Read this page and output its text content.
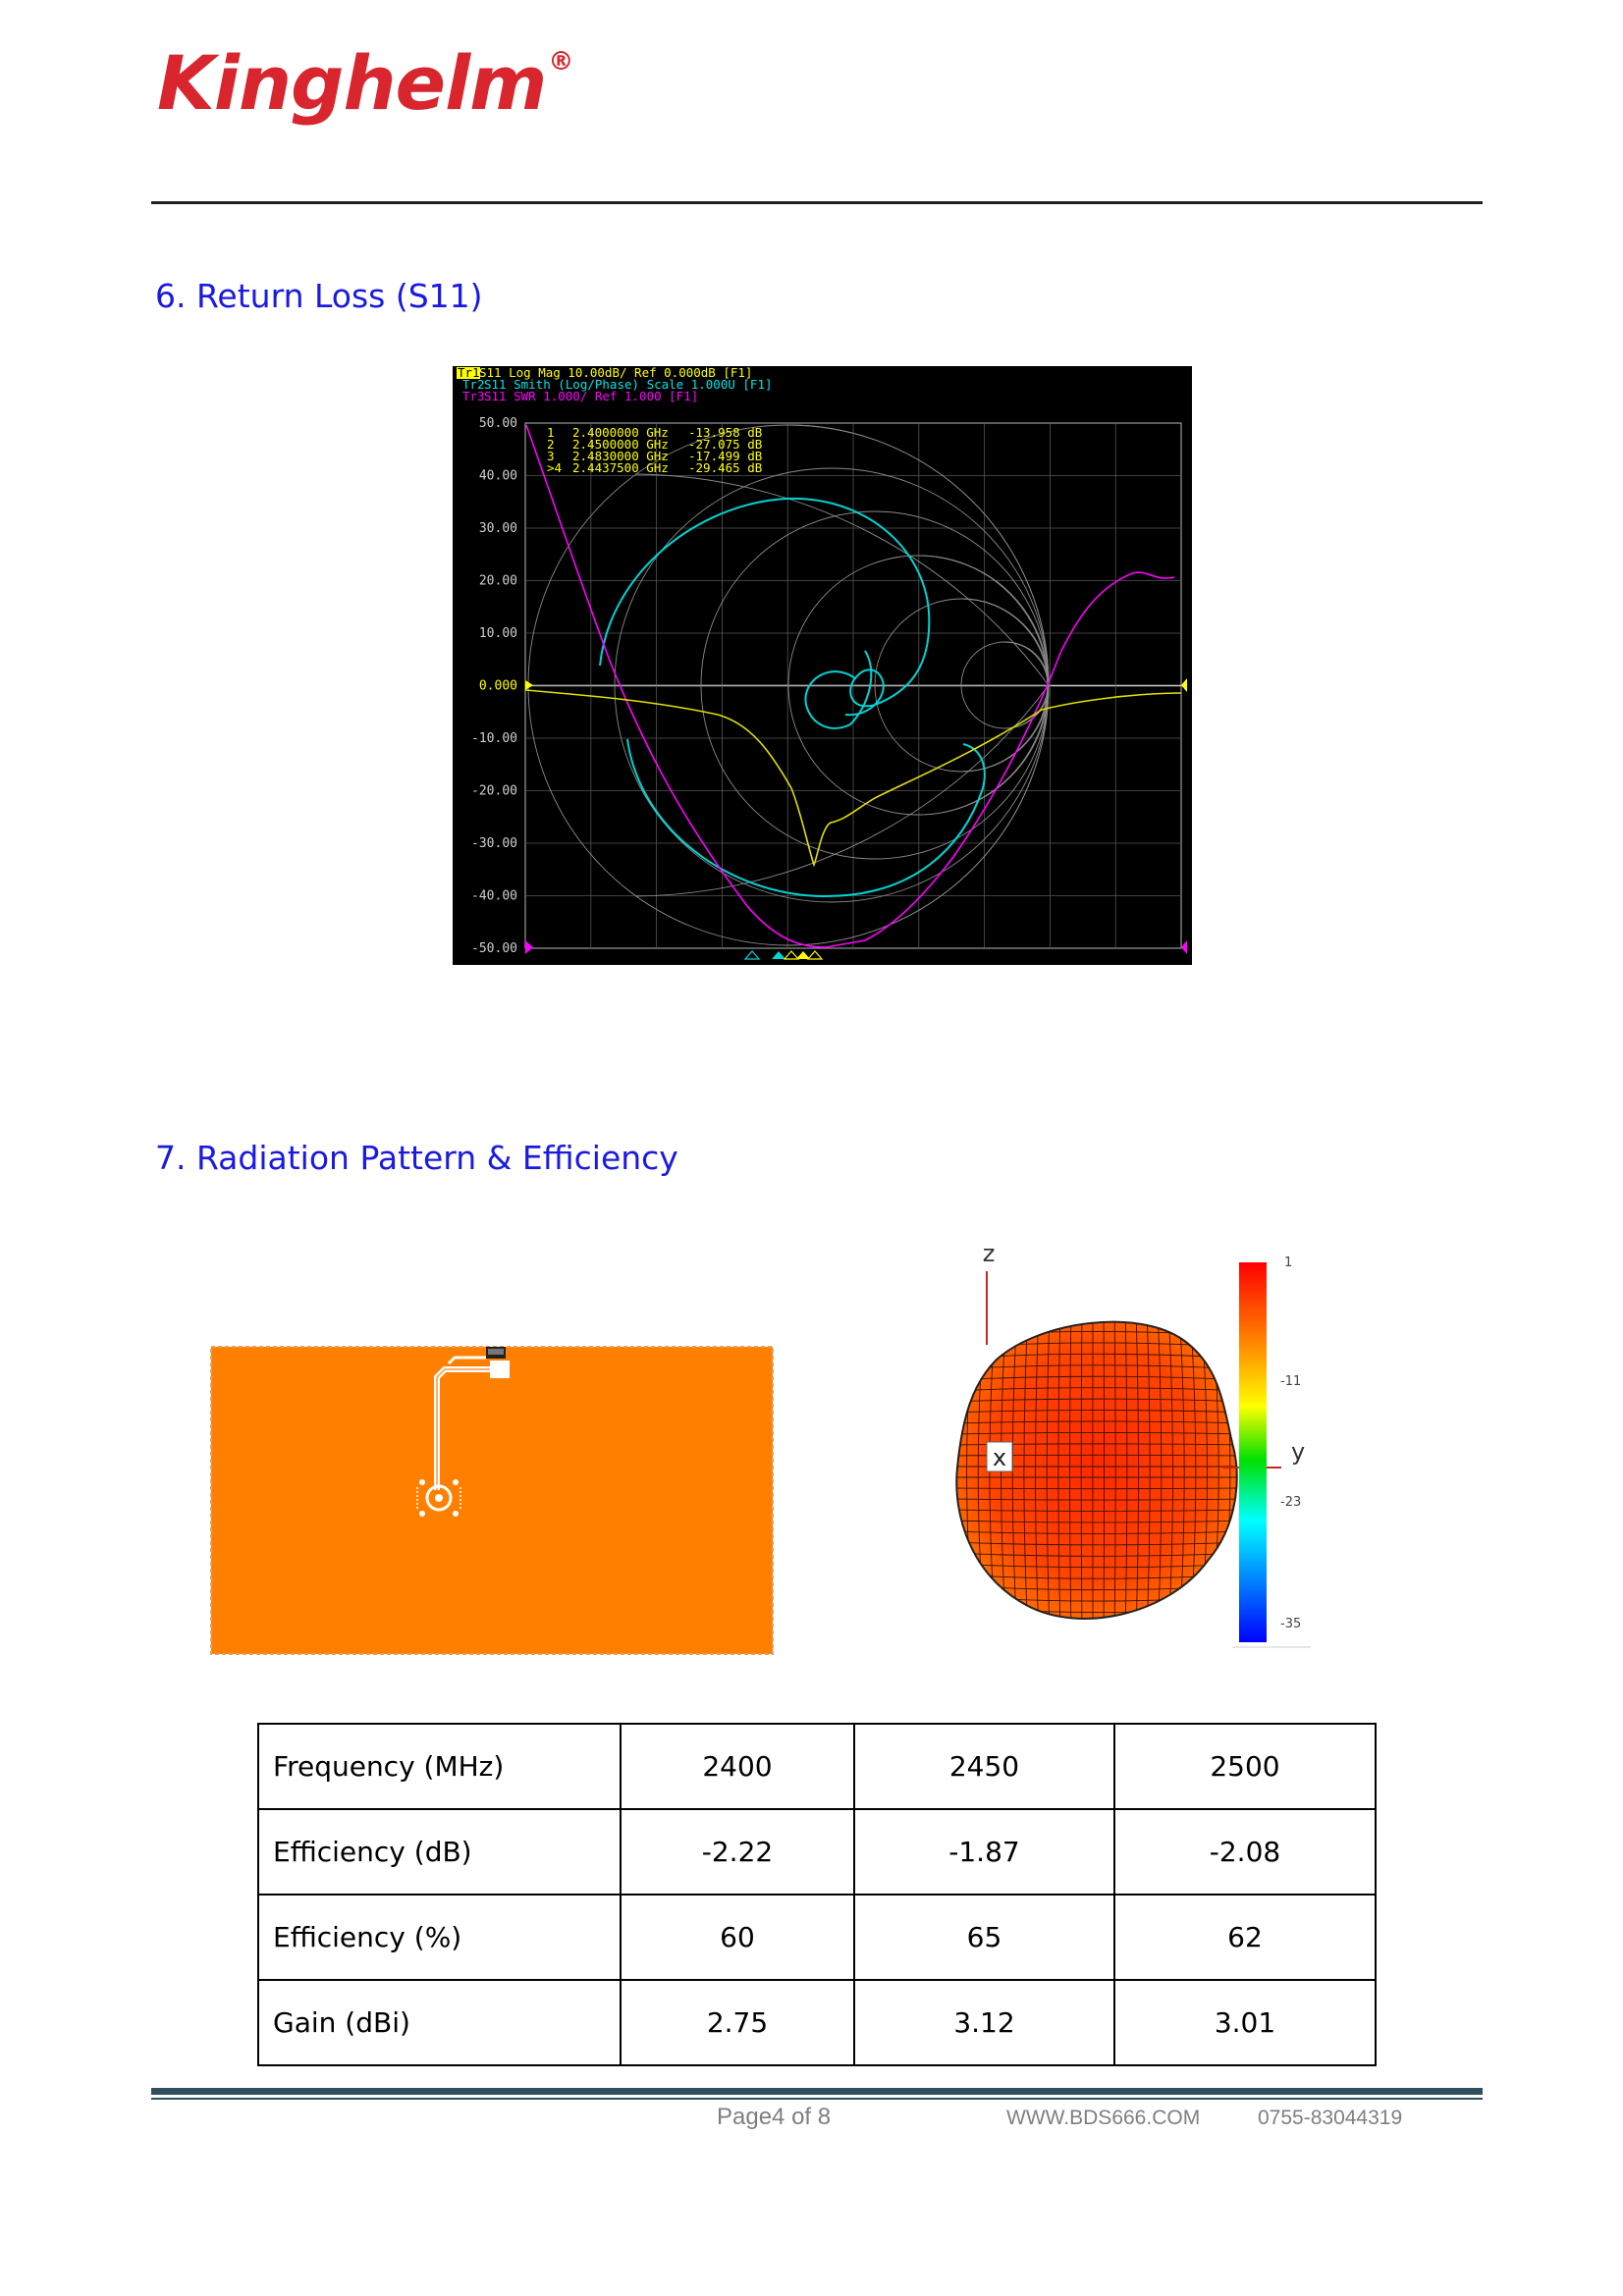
Kinghelm®
6. Return Loss (S11)
Tr1 S11 Log Mag 10.00dB/ Ref 0.000dB [F1]
Tr2 S11 Smith (Log/Phase) Scale 1.000U [F1]
Tr3 S11 SWR 1.000/ Ref 1.000 [F1]
50.00
40.00
30.00
20.00
10.00
0.000
-10.00
-20.00
-30.00
-40.00
-50.00
1 2.4000000 GHz -13.958 dB
2 2.4500000 GHz -27.075 dB
3 2.4830000 GHz -17.499 dB
>4 2.4437500 GHz -29.465 dB
7. Radiation Pattern & Efficiency
z
y
x
1
-11
-23
-35
Frequency (MHz)	2400	2450	2500
Efficiency (dB)	-2.22	-1.87	-2.08
Efficiency (%)	60	65	62
Gain (dBi)	2.75	3.12	3.01
Page4 of 8	WWW.BDS666.COM	0755-83044319
